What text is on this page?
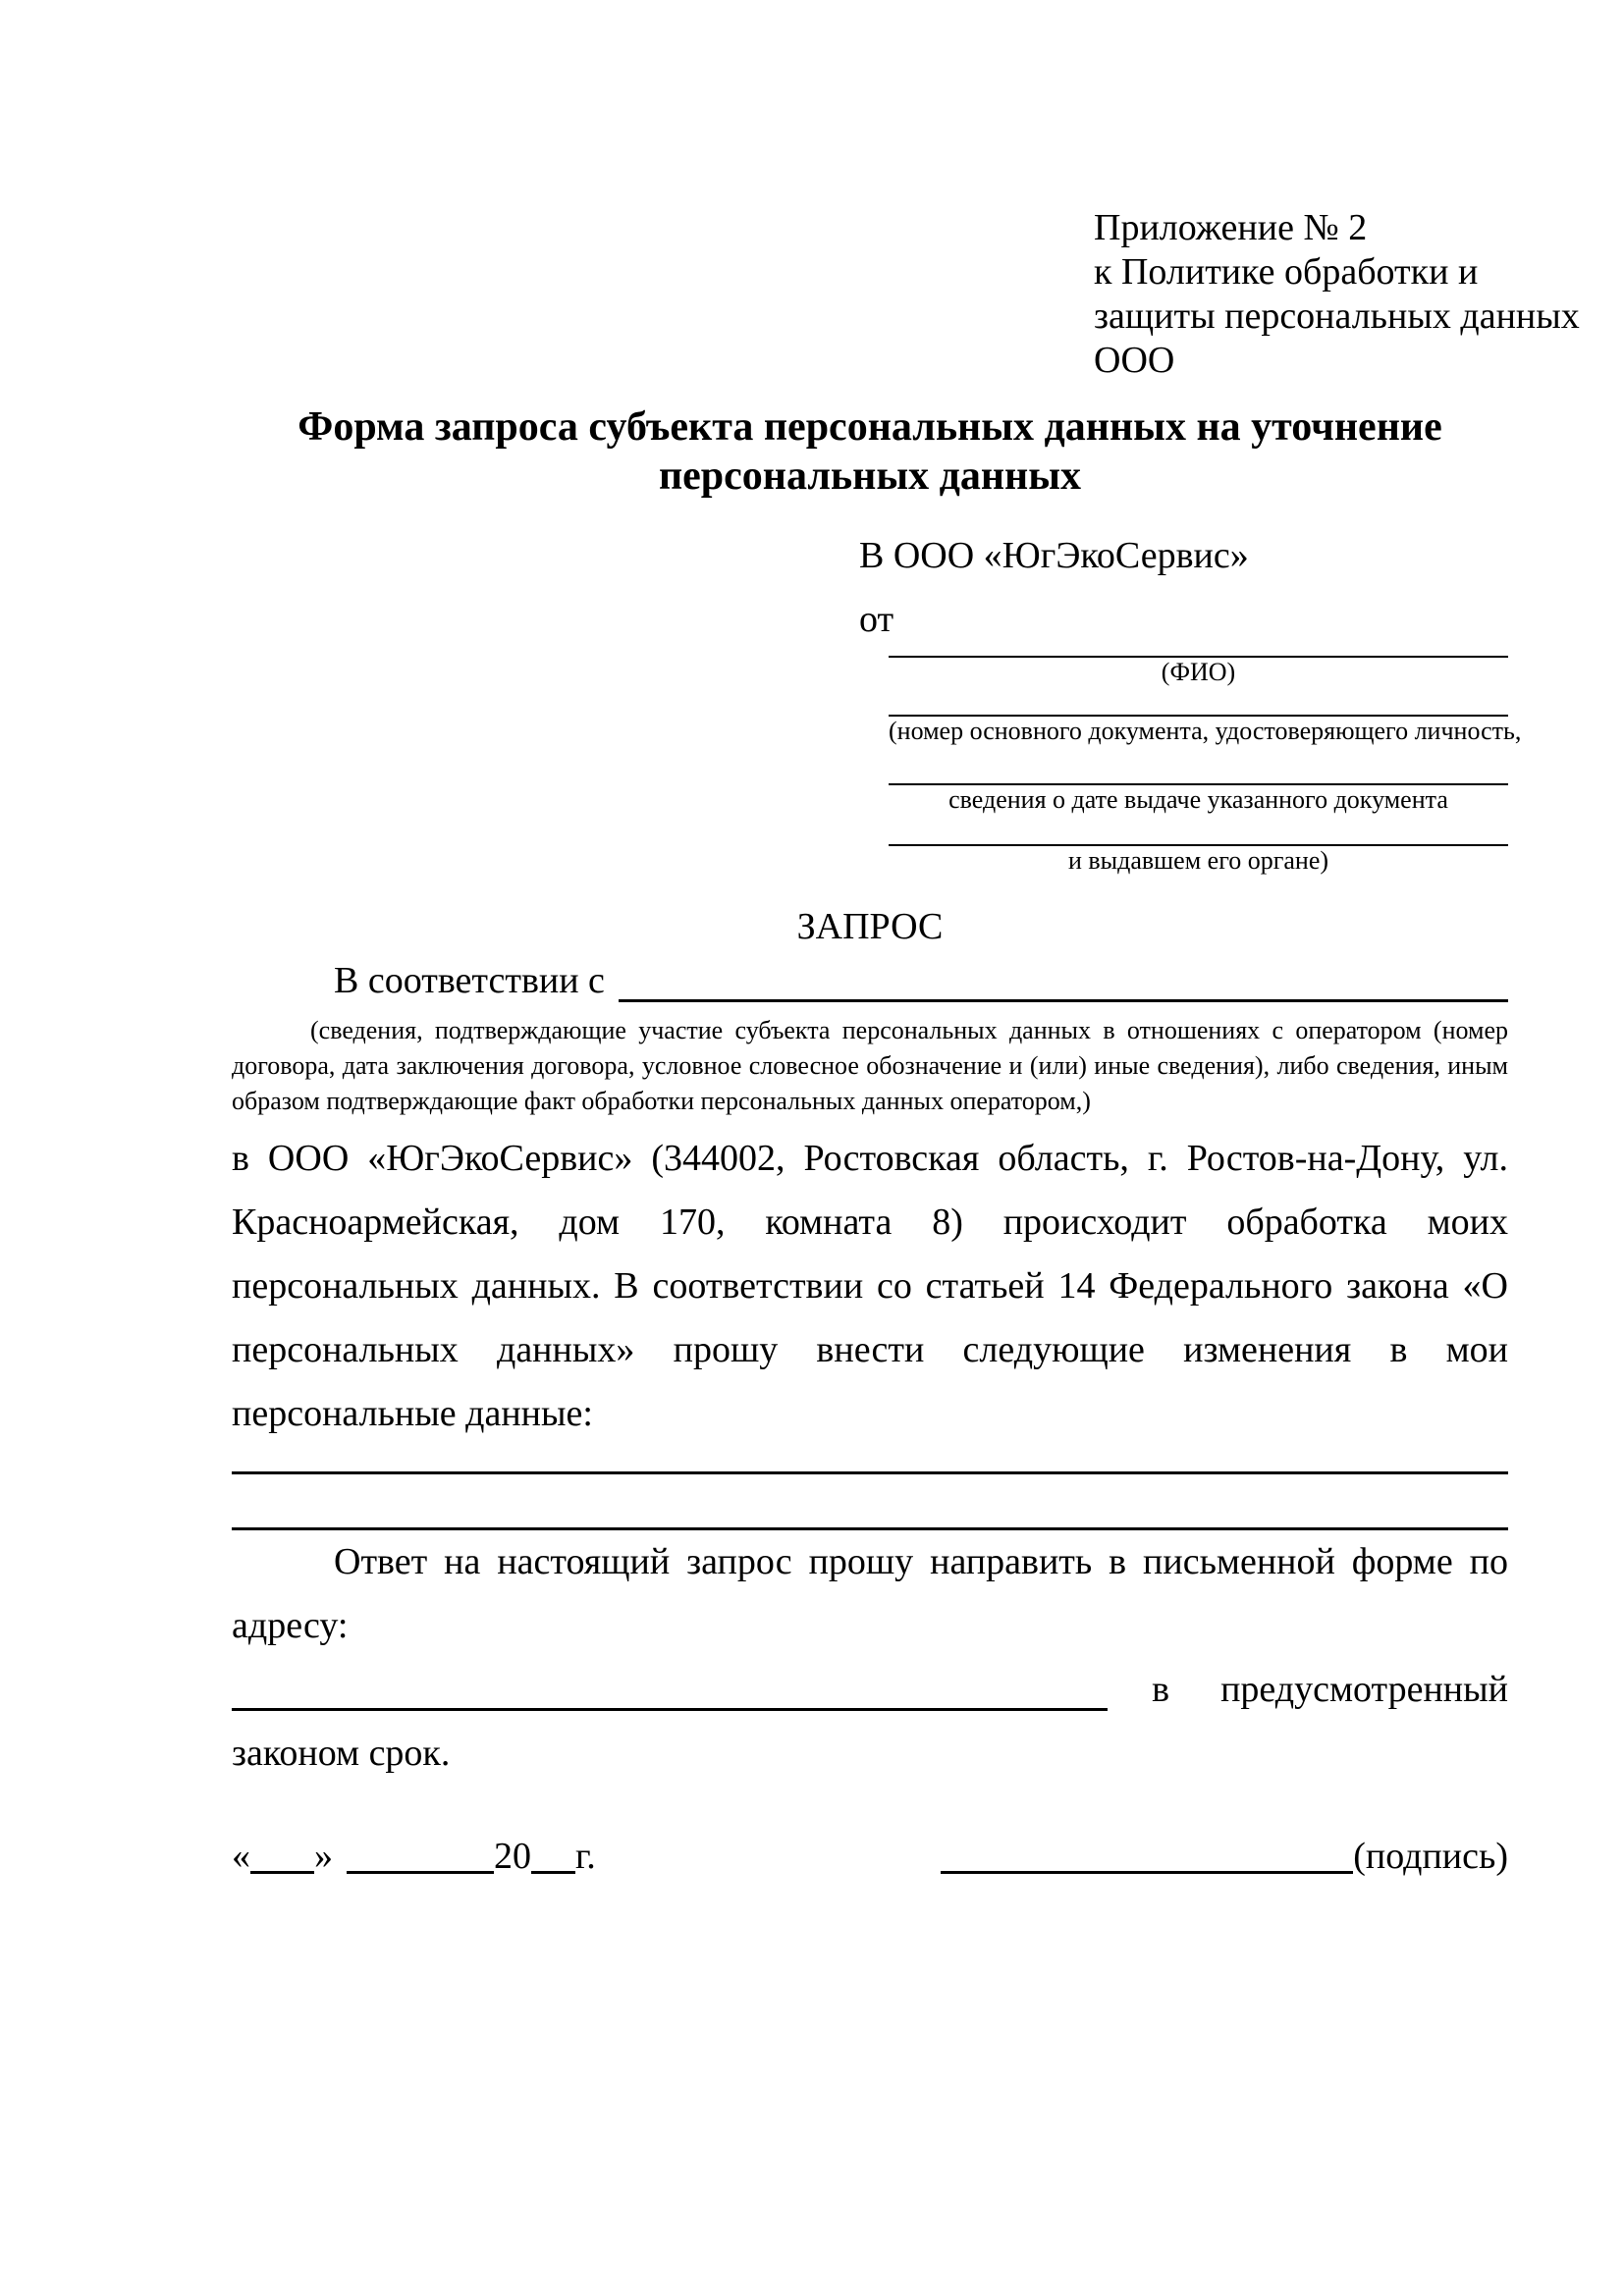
Приложение № 2
к Политике обработки и
защиты персональных данных
ООО
Форма запроса субъекта персональных данных на уточнение персональных данных
В ООО «ЮгЭкоСервис»
от
(ФИО)
(номер основного документа, удостоверяющего личность,
сведения о дате выдаче указанного документа
и выдавшем его органе)
ЗАПРОС
В соответствии с
(сведения, подтверждающие участие субъекта персональных данных в отношениях с оператором (номер договора, дата заключения договора, условное словесное обозначение и (или) иные сведения), либо сведения, иным образом подтверждающие факт обработки персональных данных оператором,)
в ООО «ЮгЭкоСервис» (344002, Ростовская область, г. Ростов-на-Дону, ул. Красноармейская, дом 170, комната 8) происходит обработка моих персональных данных. В соответствии со статьей 14 Федерального закона «О персональных данных» прошу внести следующие изменения в мои персональные данные:
Ответ на настоящий запрос прошу направить в письменной форме по адресу:
в предусмотренный
законом срок.
« »	20 г.	(подпись)
